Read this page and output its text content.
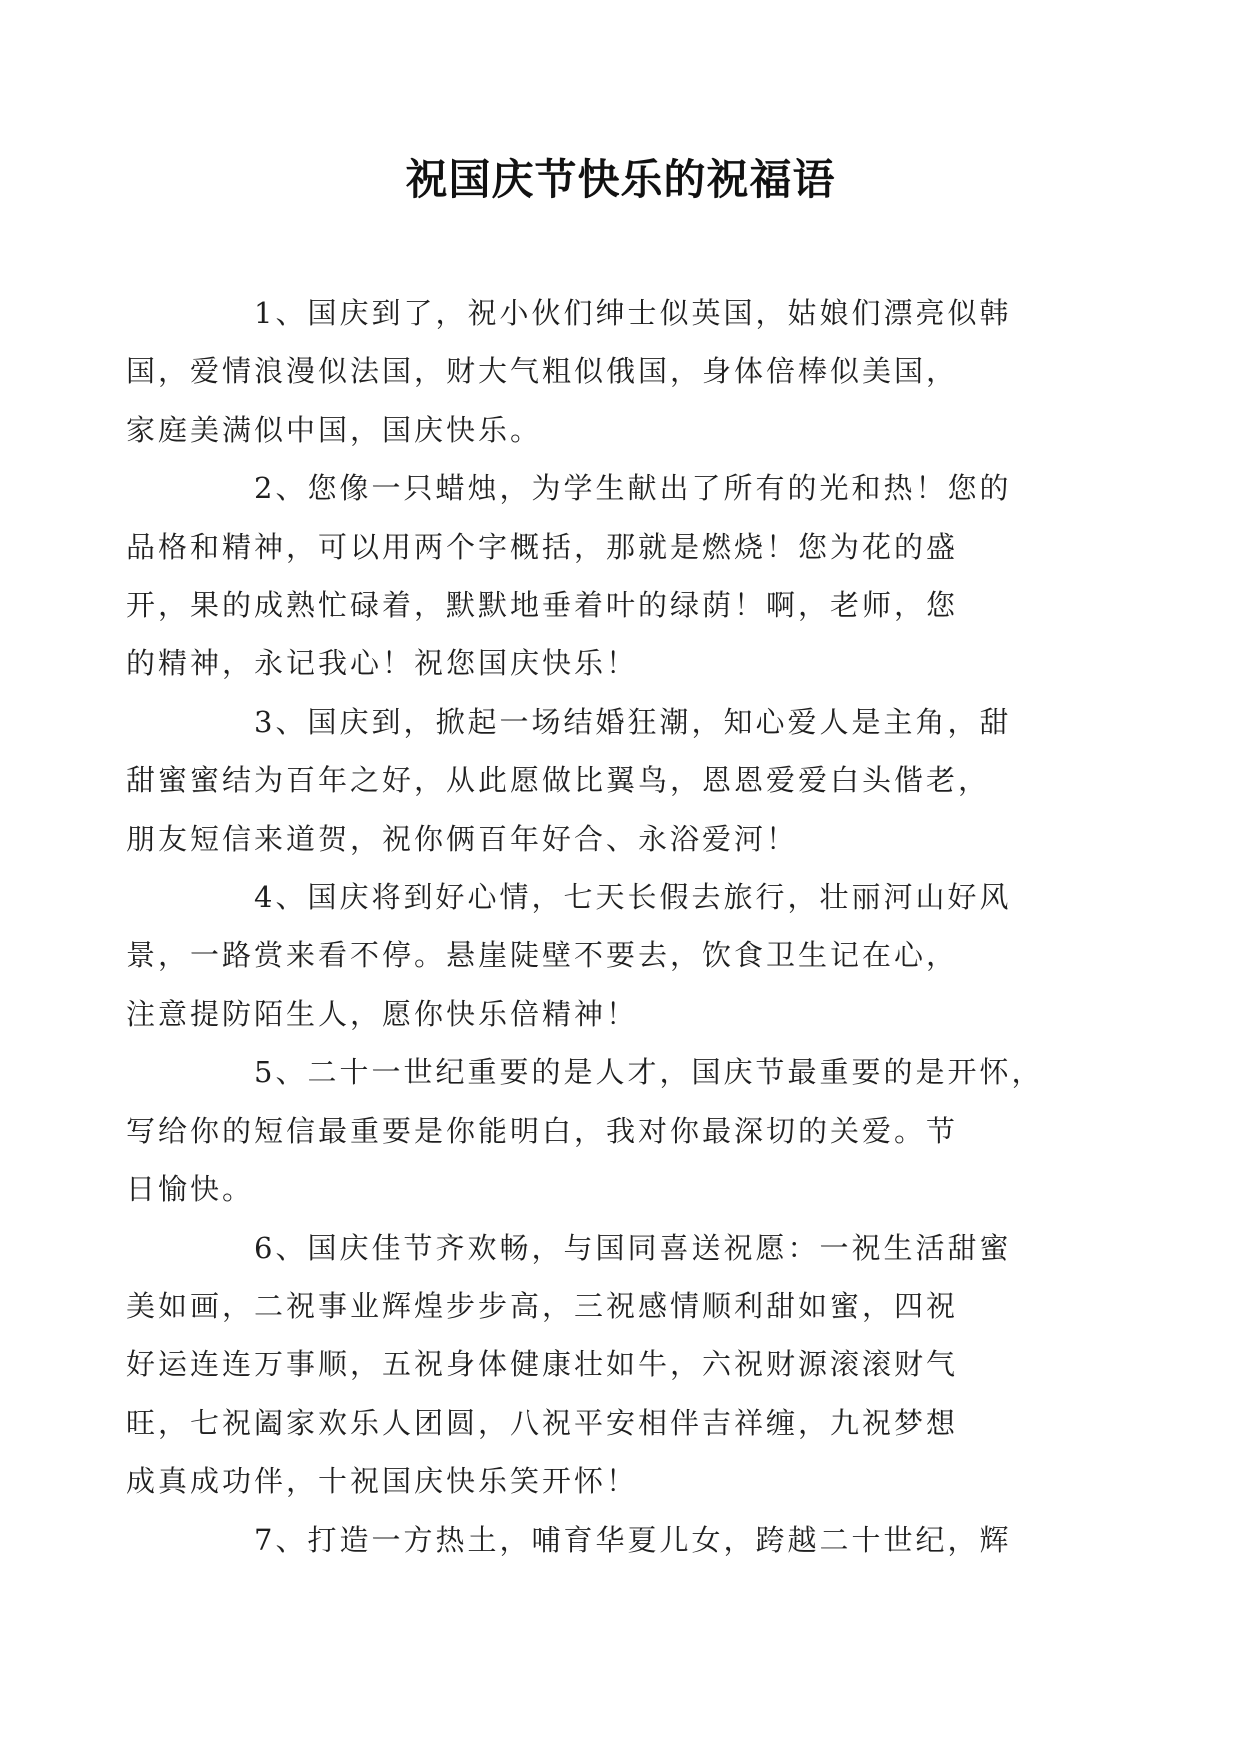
祝国庆节快乐的祝福语

1、国庆到了，祝小伙们绅士似英国，姑娘们漂亮似韩
国，爱情浪漫似法国，财大气粗似俄国，身体倍棒似美国，
家庭美满似中国，国庆快乐。

2、您像一只蜡烛，为学生献出了所有的光和热！您的
品格和精神，可以用两个字概括，那就是燃烧！您为花的盛
开，果的成熟忙碌着，默默地垂着叶的绿荫！啊，老师，您
的精神，永记我心！祝您国庆快乐！

3、国庆到，掀起一场结婚狂潮，知心爱人是主角，甜
甜蜜蜜结为百年之好，从此愿做比翼鸟，恩恩爱爱白头偕老，
朋友短信来道贺，祝你俩百年好合、永浴爱河！

4、国庆将到好心情，七天长假去旅行，壮丽河山好风
景，一路赏来看不停。悬崖陡壁不要去，饮食卫生记在心，
注意提防陌生人，愿你快乐倍精神！

5、二十一世纪重要的是人才，国庆节最重要的是开怀，
写给你的短信最重要是你能明白，我对你最深切的关爱。节
日愉快。

6、国庆佳节齐欢畅，与国同喜送祝愿：一祝生活甜蜜
美如画，二祝事业辉煌步步高，三祝感情顺利甜如蜜，四祝
好运连连万事顺，五祝身体健康壮如牛，六祝财源滚滚财气
旺，七祝阖家欢乐人团圆，八祝平安相伴吉祥缠，九祝梦想
成真成功伴，十祝国庆快乐笑开怀！

7、打造一方热土，哺育华夏儿女，跨越二十世纪，辉
